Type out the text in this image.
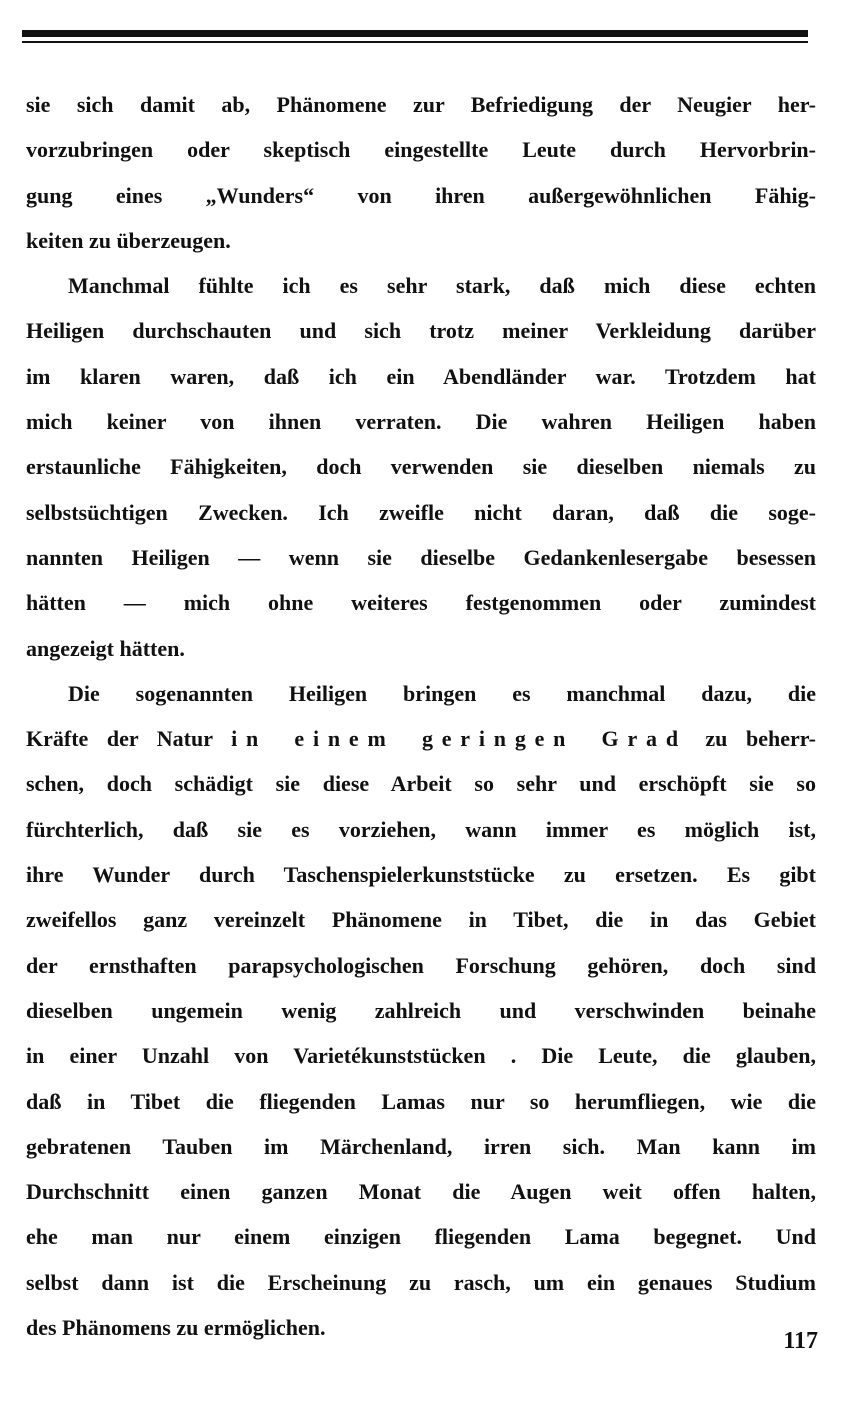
sie sich damit ab, Phänomene zur Befriedigung der Neugier her-
vorzubringen oder skeptisch eingestellte Leute durch Hervorbrin-
gung eines „Wunders“ von ihren außergewöhnlichen Fähig-
keiten zu überzeugen.
Manchmal fühlte ich es sehr stark, daß mich diese echten
Heiligen durchschauten und sich trotz meiner Verkleidung darüber
im klaren waren, daß ich ein Abendländer war. Trotzdem hat
mich keiner von ihnen verraten. Die wahren Heiligen haben
erstaunliche Fähigkeiten, doch verwenden sie dieselben niemals zu
selbstsüchtigen Zwecken. Ich zweifle nicht daran, daß die soge-
nannten Heiligen — wenn sie dieselbe Gedankenlesergabe besessen
hätten — mich ohne weiteres festgenommen oder zumindest
angezeigt hätten.
Die sogenannten Heiligen bringen es manchmal dazu, die
Kräfte der Natur in einem geringen Grad zu beherr-
schen, doch schädigt sie diese Arbeit so sehr und erschöpft sie so
fürchterlich, daß sie es vorziehen, wann immer es möglich ist,
ihre Wunder durch Taschenspielerkunststücke zu ersetzen. Es gibt
zweifellos ganz vereinzelt Phänomene in Tibet, die in das Gebiet
der ernsthaften parapsychologischen Forschung gehören, doch sind
dieselben ungemein wenig zahlreich und verschwinden beinahe
in einer Unzahl von Varietékunststücken . Die Leute, die glauben,
daß in Tibet die fliegenden Lamas nur so herumfliegen, wie die
gebratenen Tauben im Märchenland, irren sich. Man kann im
Durchschnitt einen ganzen Monat die Augen weit offen halten,
ehe man nur einem einzigen fliegenden Lama begegnet. Und
selbst dann ist die Erscheinung zu rasch, um ein genaues Studium
des Phänomens zu ermöglichen.
117
